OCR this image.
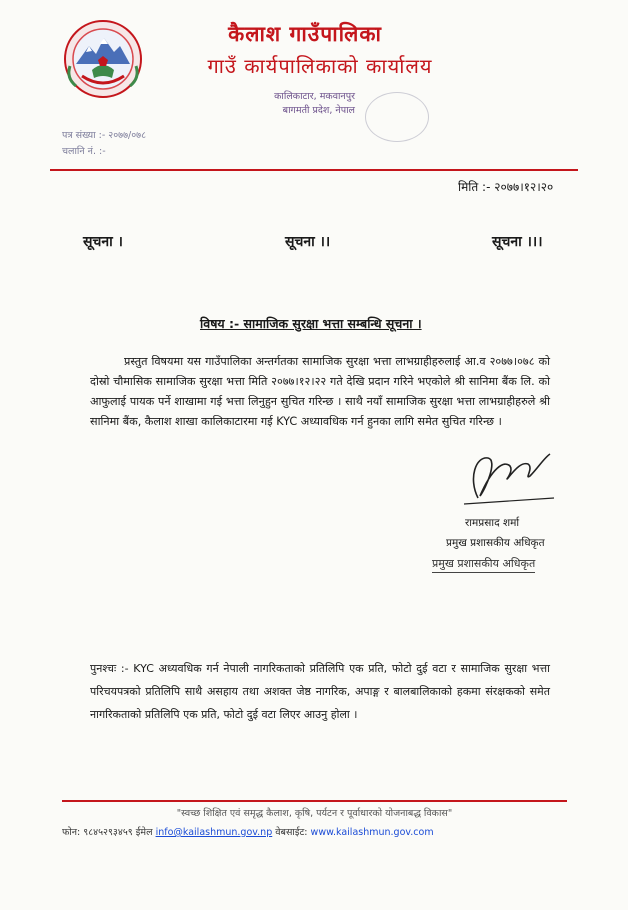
कैलाश गाउँपालिका
गाउँ कार्यपालिकाको कार्यालय
कालिकाटार, मकवानपुर
बागमती प्रदेश, नेपाल
पत्र संख्या :- २०७७/०७८
चलानि नं. :-
मिति :- २०७७।१२।२०
सूचना ।	सूचना ।।	सूचना ।।।
विषय :- सामाजिक सुरक्षा भत्ता सम्बन्धि सूचना ।
प्रस्तुत विषयमा यस गाउँपालिका अन्तर्गतका सामाजिक सुरक्षा भत्ता लाभग्राहीहरुलाई आ.व २०७७।०७८ को दोस्रो चौमासिक सामाजिक सुरक्षा भत्ता मिति २०७७।१२।२२ गते देखि प्रदान गरिने भएकोले श्री सानिमा बैंक लि. को आफुलाई पायक पर्ने शाखामा गई भत्ता लिनुहुन सुचित गरिन्छ । साथै नयाँ सामाजिक सुरक्षा भत्ता लाभग्राहीहरुले श्री सानिमा बैंक, कैलाश शाखा कालिकाटारमा गई KYC अध्यावधिक गर्न हुनका लागि समेत सुचित गरिन्छ ।
रामप्रसाद शर्मा
प्रमुख प्रशासकीय अधिकृत
प्रमुख प्रशासकीय अधिकृत
पुनश्चः :- KYC अध्यवधिक गर्न नेपाली नागरिकताको प्रतिलिपि एक प्रति, फोटो दुई वटा र सामाजिक सुरक्षा भत्ता परिचयपत्रको प्रतिलिपि साथै असहाय तथा अशक्त जेष्ठ नागरिक, अपाङ्ग र बालबालिकाको हकमा संरक्षकको समेत नागरिकताको प्रतिलिपि एक प्रति, फोटो दुई वटा लिएर आउनु होला ।
"स्वच्छ शिक्षित एवं समृद्ध कैलाश, कृषि, पर्यटन र पूर्वाधारको योजनाबद्ध विकास"
फोन: ९८४५२९३४५९ ईमेल info@kailashmun.gov.np वेबसाईट: www.kailashmun.gov.com
